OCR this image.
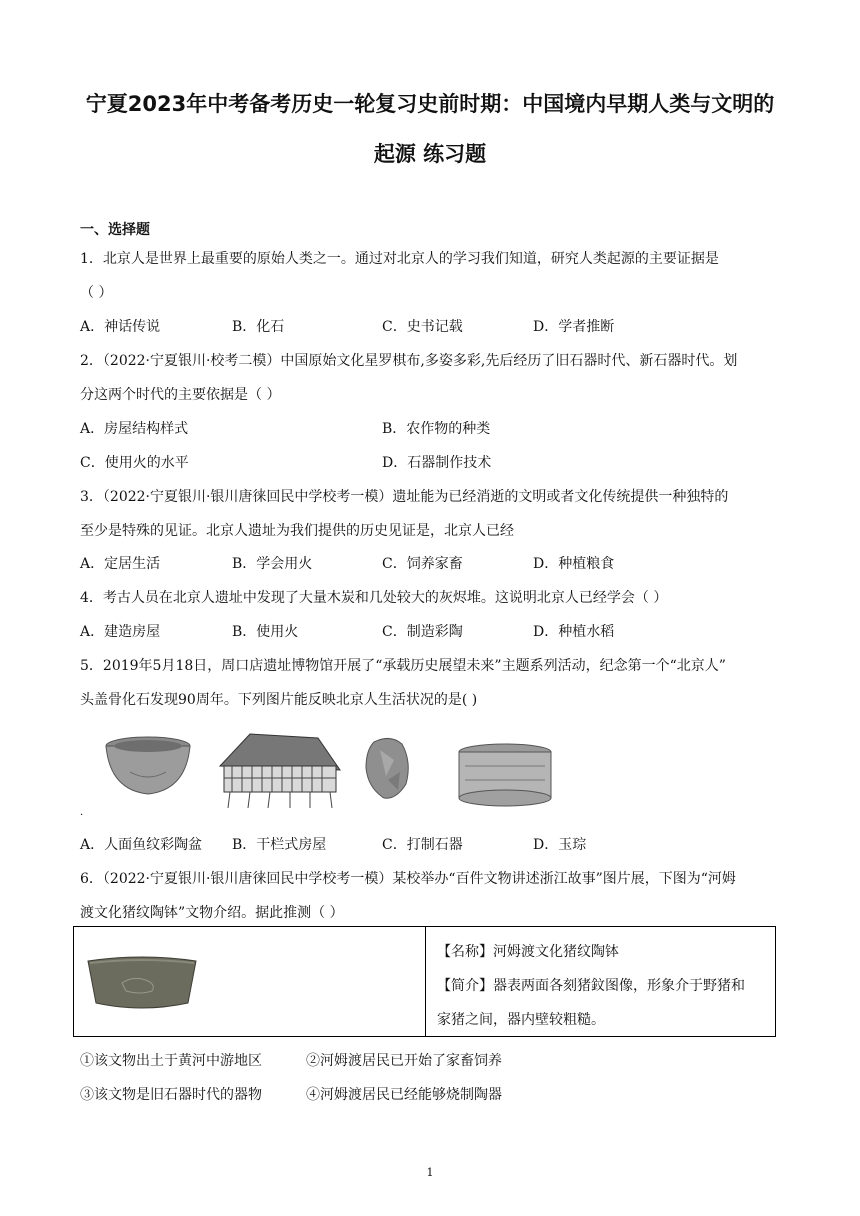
宁夏2023年中考备考历史一轮复习史前时期：中国境内早期人类与文明的
起源 练习题
一、选择题
1．北京人是世界上最重要的原始人类之一。通过对北京人的学习我们知道，研究人类起源的主要证据是
（ ）
A．神话传说	B．化石	C．史书记载	D．学者推断
2．（2022·宁夏银川·校考二模）中国原始文化星罗棋布,多姿多彩,先后经历了旧石器时代、新石器时代。划
分这两个时代的主要依据是（ ）
A．房屋结构样式	B．农作物的种类
C．使用火的水平	D．石器制作技术
3．（2022·宁夏银川·银川唐徕回民中学校考一模）遗址能为已经消逝的文明或者文化传统提供一种独特的
至少是特殊的见证。北京人遗址为我们提供的历史见证是，北京人已经
A．定居生活	B．学会用火	C．饲养家畜	D．种植粮食
4．考古人员在北京人遗址中发现了大量木炭和几处较大的灰烬堆。这说明北京人已经学会（ ）
A．建造房屋	B．使用火	C．制造彩陶	D．种植水稻
5．2019年5月18日，周口店遗址博物馆开展了“承载历史展望未来”主题系列活动，纪念第一个“北京人”
头盖骨化石发现90周年。下列图片能反映北京人生活状况的是( )
·
A．人面鱼纹彩陶盆 B．干栏式房屋	C．打制石器	D．玉琮
6．（2022·宁夏银川·银川唐徕回民中学校考一模）某校举办“百件文物讲述浙江故事”图片展，下图为“河姆
渡文化猪纹陶钵”文物介绍。据此推测（ ）
【名称】河姆渡文化猪纹陶钵
【简介】器表两面各刻猪鈫图像，形象介于野猪和
家猪之间，器内壁较粗糙。
①该文物出土于黄河中游地区	②河姆渡居民已开始了家畜饲养
③该文物是旧石器时代的器物	④河姆渡居民已经能够烧制陶器
1
